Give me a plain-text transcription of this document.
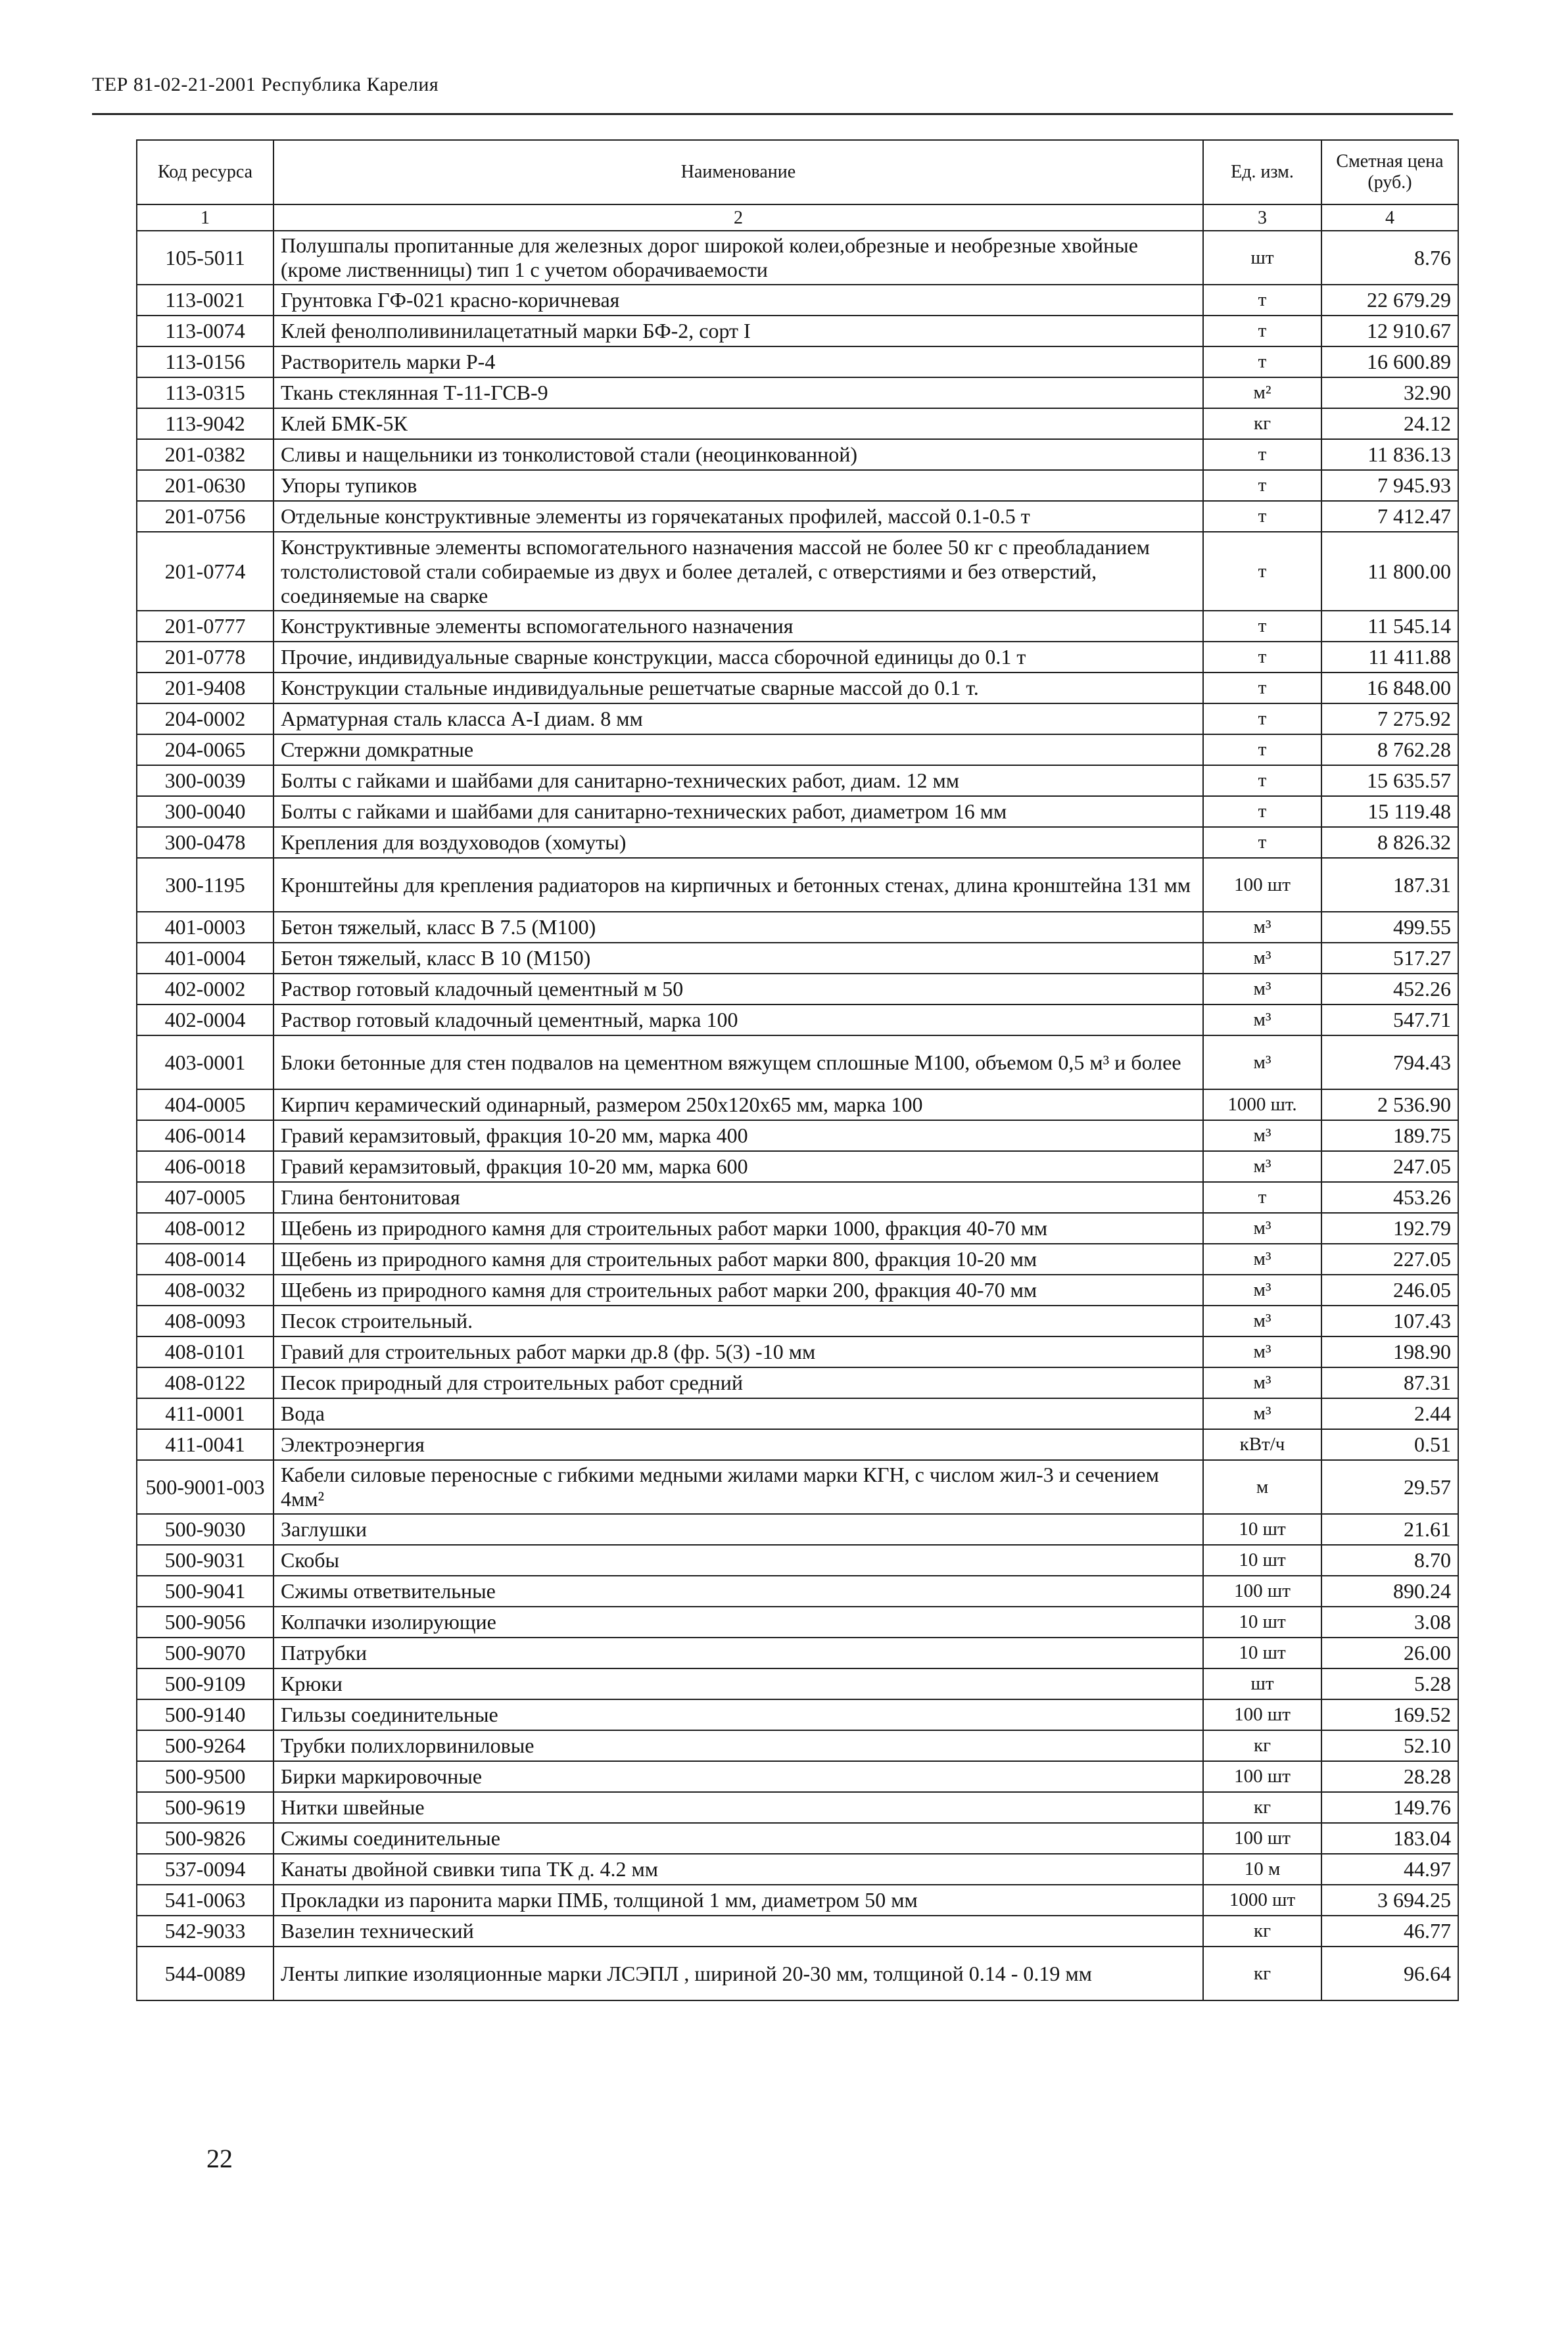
ТЕР 81-02-21-2001 Республика Карелия
Код ресурса	Наименование	Ед. изм.	Сметная цена (руб.)
1	2	3	4
105-5011	Полушпалы пропитанные для железных дорог широкой колеи,обрезные и необрезные хвойные (кроме лиственницы) тип 1 с учетом оборачиваемости	шт	8.76
113-0021	Грунтовка ГФ-021 красно-коричневая	т	22 679.29
113-0074	Клей фенолполивинилацетатный марки БФ-2, сорт I	т	12 910.67
113-0156	Растворитель марки Р-4	т	16 600.89
113-0315	Ткань стеклянная Т-11-ГСВ-9	м²	32.90
113-9042	Клей БМК-5К	кг	24.12
201-0382	Сливы и нащельники из тонколистовой стали (неоцинкованной)	т	11 836.13
201-0630	Упоры тупиков	т	7 945.93
201-0756	Отдельные конструктивные элементы из горячекатаных профилей, массой 0.1-0.5 т	т	7 412.47
201-0774	Конструктивные элементы вспомогательного назначения массой не более 50 кг с преобладанием толстолистовой стали собираемые из двух и более деталей, с отверстиями и без отверстий, соединяемые на сварке	т	11 800.00
201-0777	Конструктивные элементы вспомогательного назначения	т	11 545.14
201-0778	Прочие, индивидуальные сварные конструкции, масса сборочной единицы до 0.1 т	т	11 411.88
201-9408	Конструкции стальные индивидуальные решетчатые сварные массой до 0.1 т.	т	16 848.00
204-0002	Арматурная сталь класса А-I диам. 8 мм	т	7 275.92
204-0065	Стержни домкратные	т	8 762.28
300-0039	Болты с гайками и шайбами для санитарно-технических работ, диам. 12 мм	т	15 635.57
300-0040	Болты с гайками и шайбами для санитарно-технических работ, диаметром 16 мм	т	15 119.48
300-0478	Крепления для воздуховодов (хомуты)	т	8 826.32
300-1195	Кронштейны для крепления радиаторов на кирпичных и бетонных стенах, длина кронштейна 131 мм	100 шт	187.31
401-0003	Бетон тяжелый, класс В 7.5 (М100)	м³	499.55
401-0004	Бетон тяжелый, класс В 10 (М150)	м³	517.27
402-0002	Раствор готовый кладочный цементный м 50	м³	452.26
402-0004	Раствор готовый кладочный цементный, марка 100	м³	547.71
403-0001	Блоки бетонные для стен подвалов на цементном вяжущем сплошные М100, объемом 0,5 м³ и более	м³	794.43
404-0005	Кирпич керамический одинарный, размером 250х120х65 мм, марка 100	1000 шт.	2 536.90
406-0014	Гравий керамзитовый, фракция 10-20 мм, марка 400	м³	189.75
406-0018	Гравий керамзитовый, фракция 10-20 мм, марка 600	м³	247.05
407-0005	Глина бентонитовая	т	453.26
408-0012	Щебень из природного камня для строительных работ марки 1000, фракция 40-70 мм	м³	192.79
408-0014	Щебень из природного камня для строительных работ марки 800, фракция 10-20 мм	м³	227.05
408-0032	Щебень из природного камня для строительных работ марки 200, фракция 40-70 мм	м³	246.05
408-0093	Песок строительный.	м³	107.43
408-0101	Гравий для строительных работ марки др.8 (фр. 5(3) -10 мм	м³	198.90
408-0122	Песок природный для строительных работ средний	м³	87.31
411-0001	Вода	м³	2.44
411-0041	Электроэнергия	кВт/ч	0.51
500-9001-003	Кабели силовые переносные с гибкими медными жилами марки КГН, с числом жил-3 и сечением 4мм²	м	29.57
500-9030	Заглушки	10 шт	21.61
500-9031	Скобы	10 шт	8.70
500-9041	Сжимы ответвительные	100 шт	890.24
500-9056	Колпачки изолирующие	10 шт	3.08
500-9070	Патрубки	10 шт	26.00
500-9109	Крюки	шт	5.28
500-9140	Гильзы соединительные	100 шт	169.52
500-9264	Трубки полихлорвиниловые	кг	52.10
500-9500	Бирки маркировочные	100 шт	28.28
500-9619	Нитки швейные	кг	149.76
500-9826	Сжимы соединительные	100 шт	183.04
537-0094	Канаты двойной свивки типа ТК д. 4.2 мм	10 м	44.97
541-0063	Прокладки из паронита марки ПМБ, толщиной 1 мм, диаметром 50 мм	1000 шт	3 694.25
542-9033	Вазелин технический	кг	46.77
544-0089	Ленты липкие изоляционные марки ЛСЭПЛ , шириной 20-30 мм, толщиной 0.14 - 0.19 мм	кг	96.64
22
